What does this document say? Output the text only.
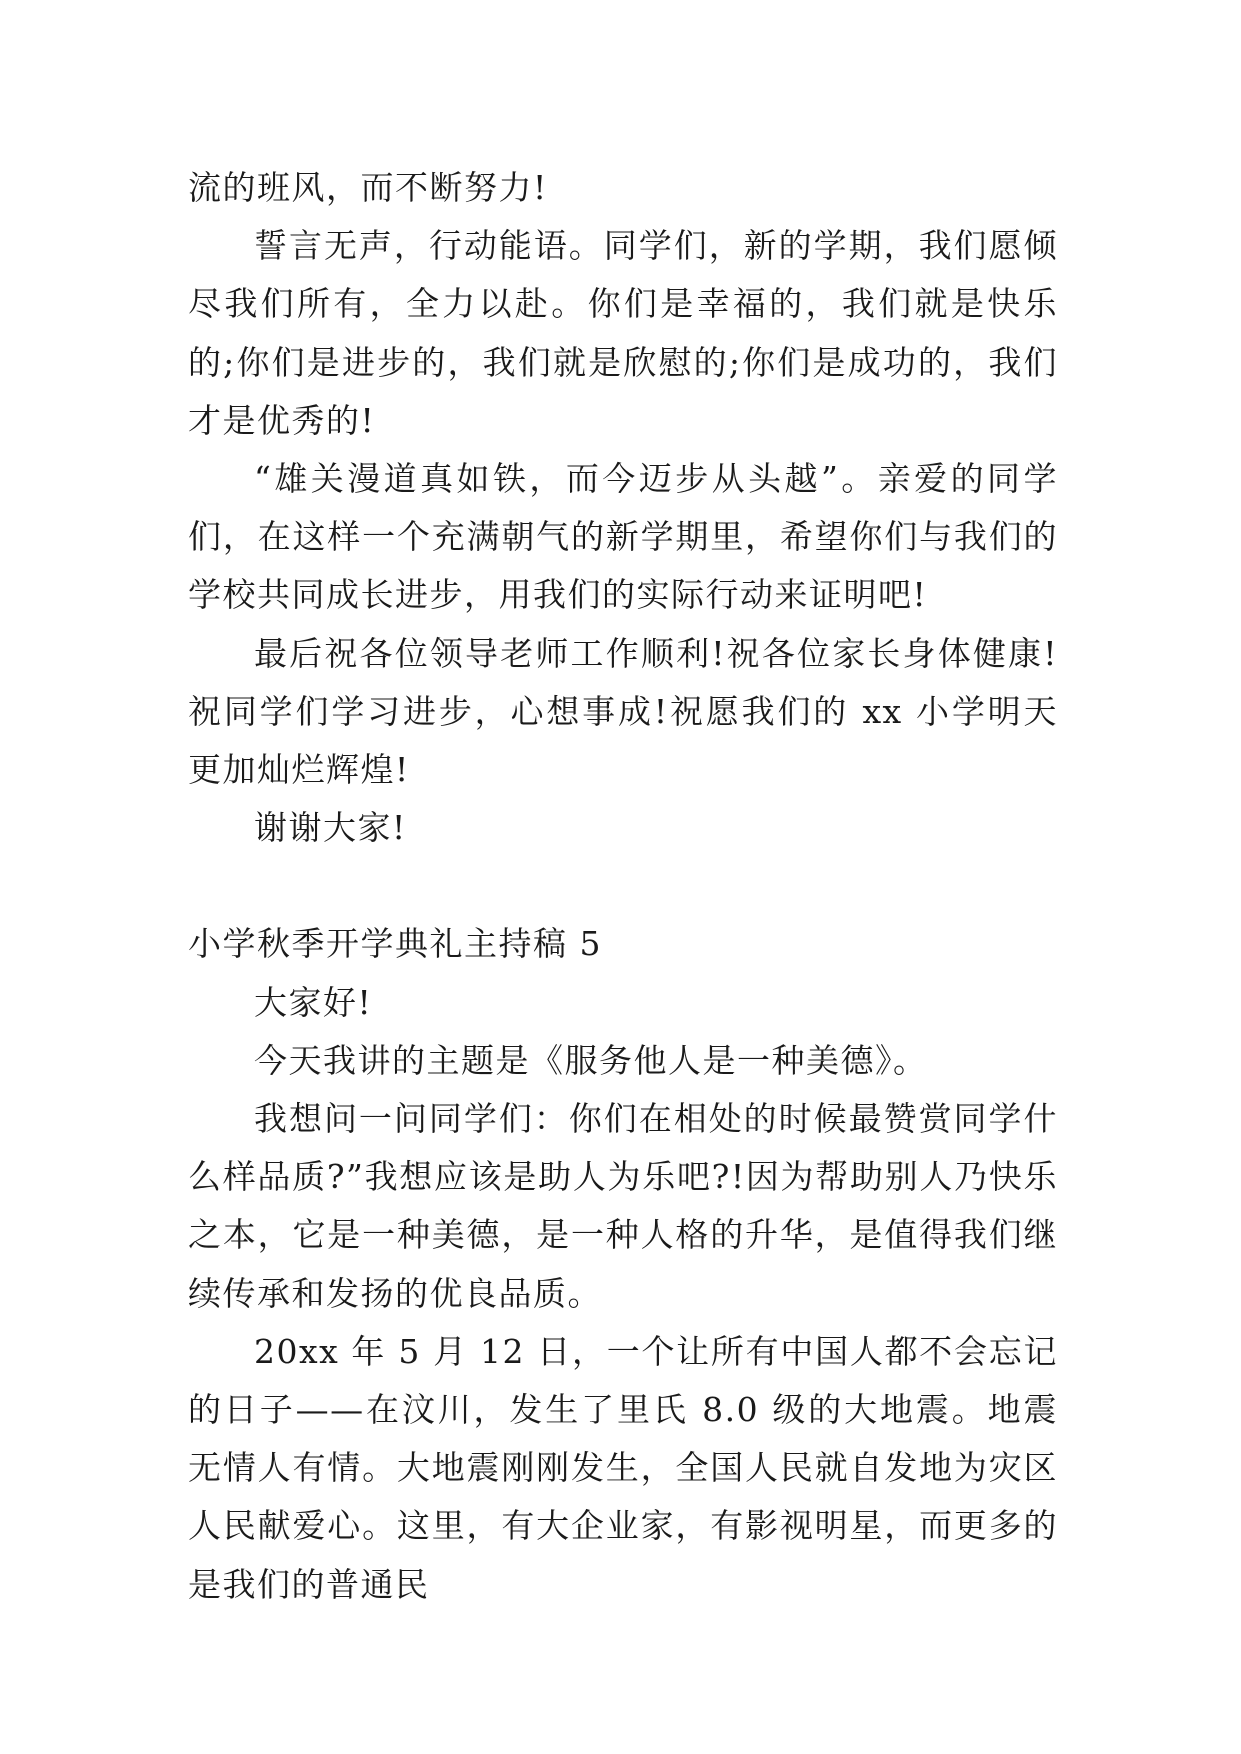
流的班风，而不断努力!

誓言无声，行动能语。同学们，新的学期，我们愿倾尽我们所有，全力以赴。你们是幸福的，我们就是快乐的;你们是进步的，我们就是欣慰的;你们是成功的，我们才是优秀的!

“雄关漫道真如铁，而今迈步从头越”。亲爱的同学们，在这样一个充满朝气的新学期里，希望你们与我们的学校共同成长进步，用我们的实际行动来证明吧!

最后祝各位领导老师工作顺利!祝各位家长身体健康!祝同学们学习进步，心想事成!祝愿我们的 xx 小学明天更加灿烂辉煌!

谢谢大家!

小学秋季开学典礼主持稿 5

大家好!

今天我讲的主题是《服务他人是一种美德》。

我想问一问同学们：你们在相处的时候最赞赏同学什么样品质?”我想应该是助人为乐吧?!因为帮助别人乃快乐之本，它是一种美德，是一种人格的升华，是值得我们继续传承和发扬的优良品质。

20xx 年 5 月 12 日，一个让所有中国人都不会忘记的日子——在汶川，发生了里氏 8.0 级的大地震。地震无情人有情。大地震刚刚发生，全国人民就自发地为灾区人民献爱心。这里，有大企业家，有影视明星，而更多的是我们的普通民
